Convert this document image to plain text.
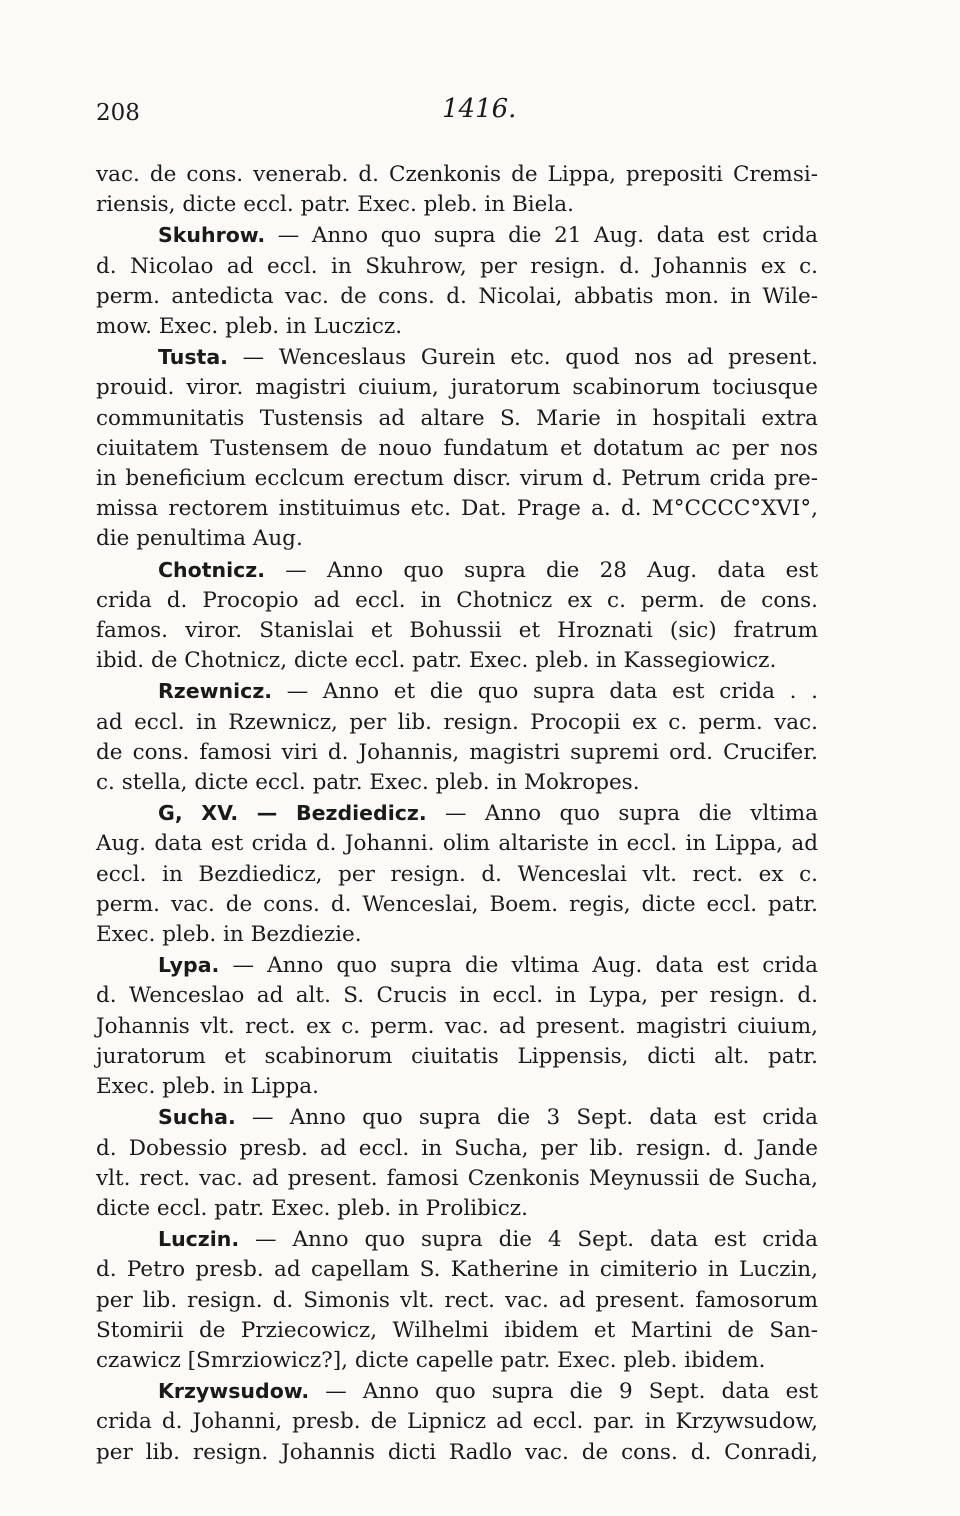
208	1416.

vac. de cons. venerab. d. Czenkonis de Lippa, prepositi Cremsi-
riensis, dicte eccl. patr. Exec. pleb. in Biela.

Skuhrow. — Anno quo supra die 21 Aug. data est crida
d. Nicolao ad eccl. in Skuhrow, per resign. d. Johannis ex c.
perm. antedicta vac. de cons. d. Nicolai, abbatis mon. in Wile-
mow. Exec. pleb. in Luczicz.

Tusta. — Wenceslaus Gurein etc. quod nos ad present.
prouid. viror. magistri ciuium, juratorum scabinorum tociusque
communitatis Tustensis ad altare S. Marie in hospitali extra
ciuitatem Tustensem de nouo fundatum et dotatum ac per nos
in beneficium ecclcum erectum discr. virum d. Petrum crida pre-
missa rectorem instituimus etc. Dat. Prage a. d. M°CCCC°XVI°,
die penultima Aug.

Chotnicz. — Anno quo supra die 28 Aug. data est
crida d. Procopio ad eccl. in Chotnicz ex c. perm. de cons.
famos. viror. Stanislai et Bohussii et Hroznati (sic) fratrum
ibid. de Chotnicz, dicte eccl. patr. Exec. pleb. in Kassegiowicz.

Rzewnicz. — Anno et die quo supra data est crida . .
ad eccl. in Rzewnicz, per lib. resign. Procopii ex c. perm. vac.
de cons. famosi viri d. Johannis, magistri supremi ord. Crucifer.
c. stella, dicte eccl. patr. Exec. pleb. in Mokropes.

G, XV. — Bezdiedicz. — Anno quo supra die vltima
Aug. data est crida d. Johanni. olim altariste in eccl. in Lippa, ad
eccl. in Bezdiedicz, per resign. d. Wenceslai vlt. rect. ex c.
perm. vac. de cons. d. Wenceslai, Boem. regis, dicte eccl. patr.
Exec. pleb. in Bezdiezie.

Lypa. — Anno quo supra die vltima Aug. data est crida
d. Wenceslao ad alt. S. Crucis in eccl. in Lypa, per resign. d.
Johannis vlt. rect. ex c. perm. vac. ad present. magistri ciuium,
juratorum et scabinorum ciuitatis Lippensis, dicti alt. patr.
Exec. pleb. in Lippa.

Sucha. — Anno quo supra die 3 Sept. data est crida
d. Dobessio presb. ad eccl. in Sucha, per lib. resign. d. Jande
vlt. rect. vac. ad present. famosi Czenkonis Meynussii de Sucha,
dicte eccl. patr. Exec. pleb. in Prolibicz.

Luczin. — Anno quo supra die 4 Sept. data est crida
d. Petro presb. ad capellam S. Katherine in cimiterio in Luczin,
per lib. resign. d. Simonis vlt. rect. vac. ad present. famosorum
Stomirii de Prziecowicz, Wilhelmi ibidem et Martini de San-
czawicz [Smrziowicz?], dicte capelle patr. Exec. pleb. ibidem.

Krzywsudow. — Anno quo supra die 9 Sept. data est
crida d. Johanni, presb. de Lipnicz ad eccl. par. in Krzywsudow,
per lib. resign. Johannis dicti Radlo vac. de cons. d. Conradi,
